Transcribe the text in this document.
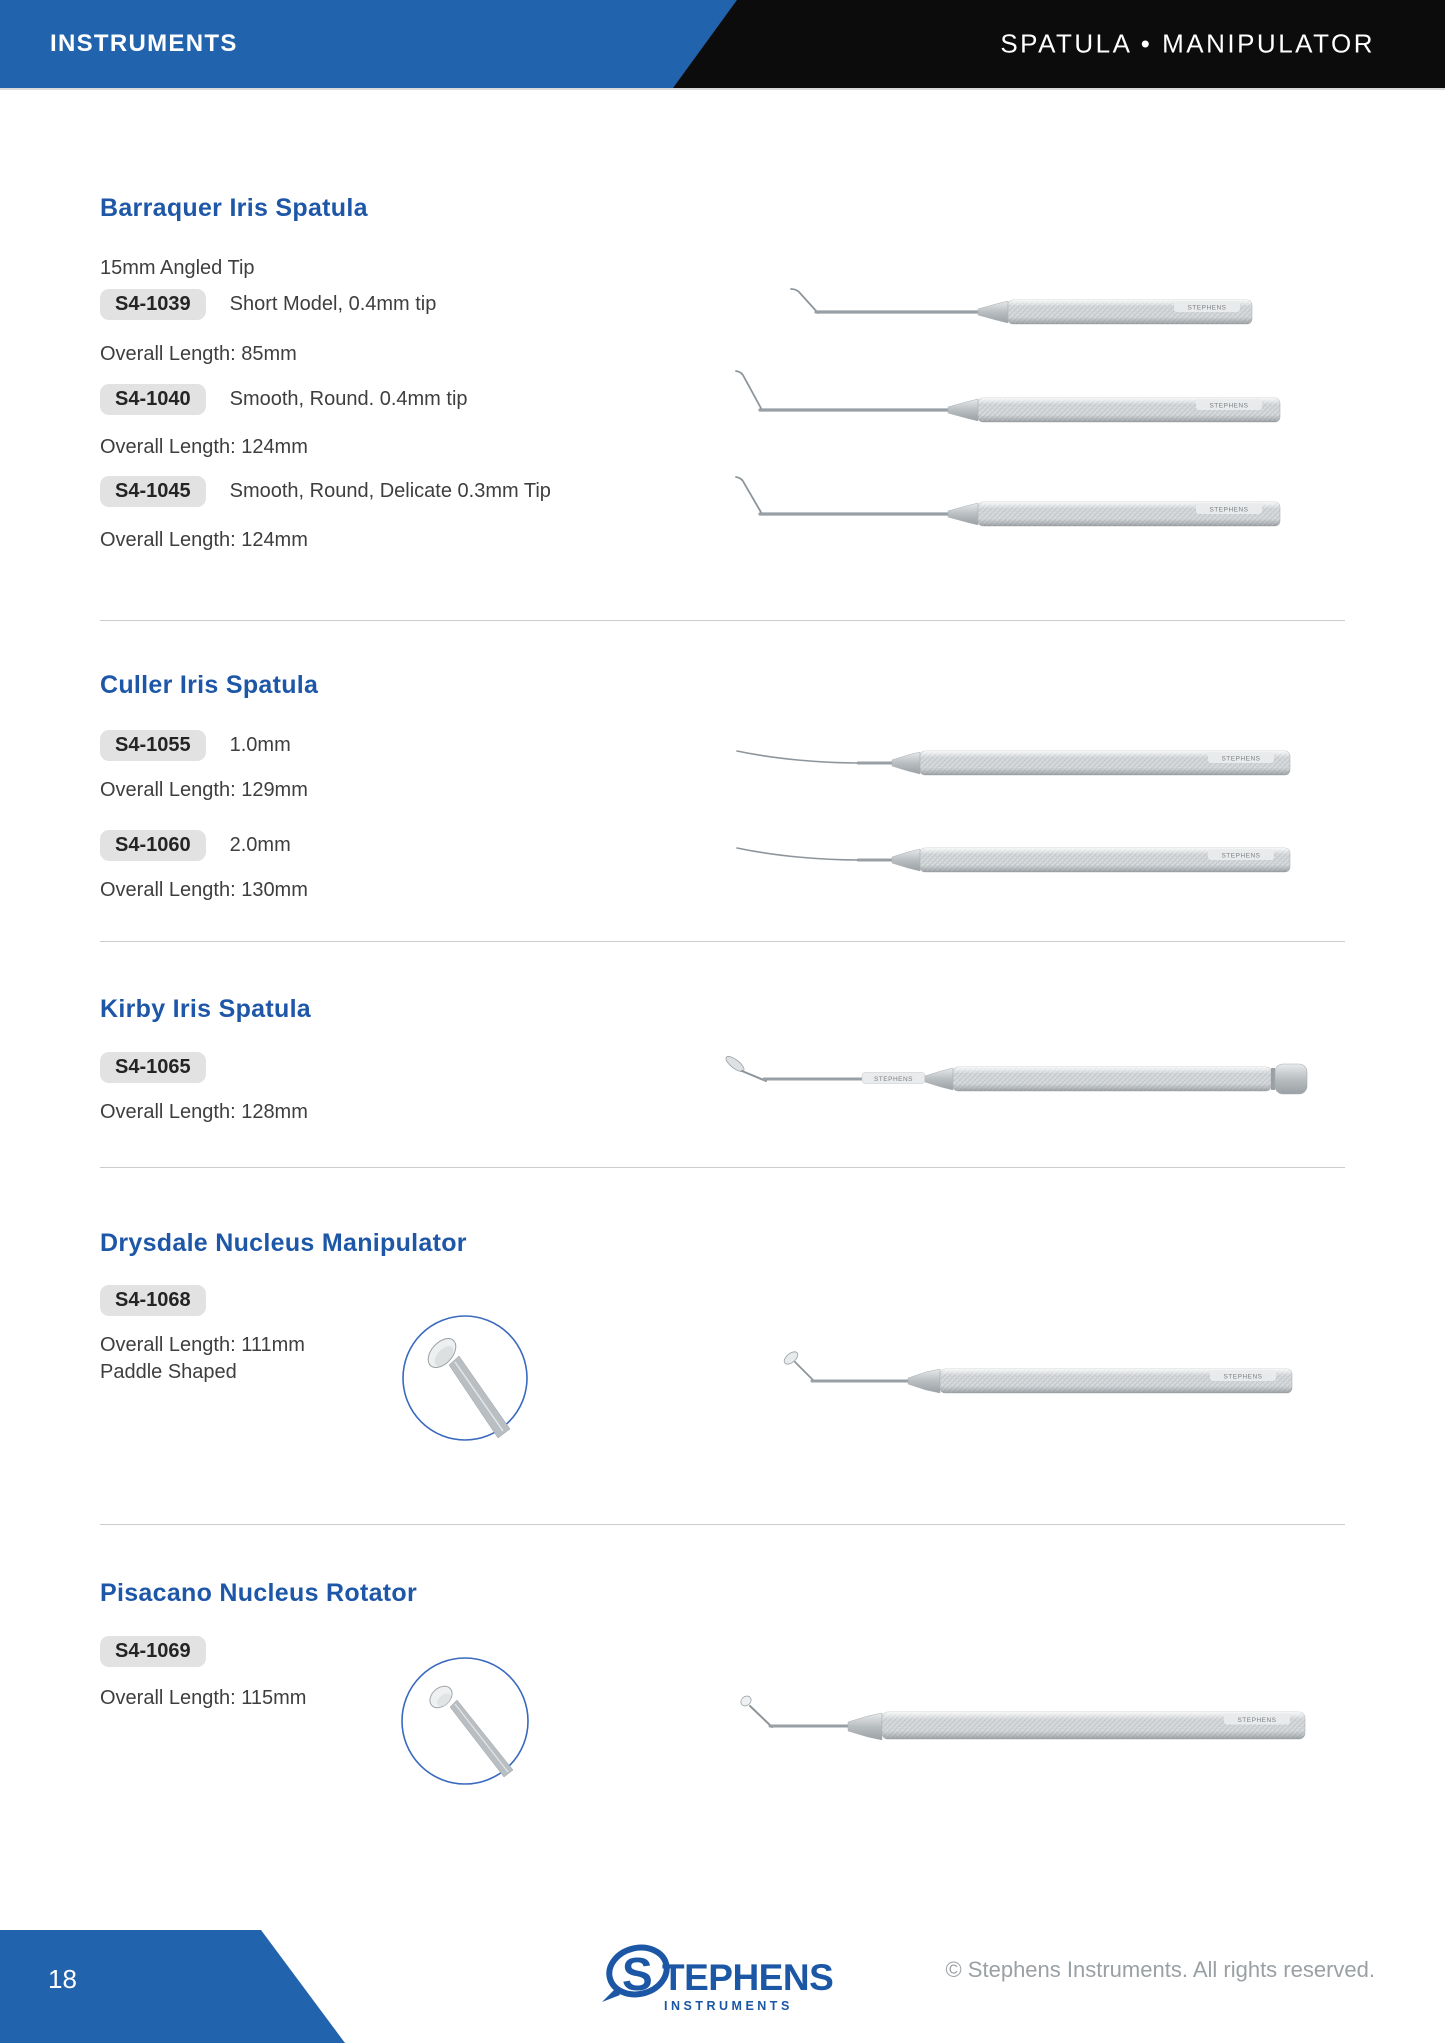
INSTRUMENTS	SPATULA • MANIPULATOR
STEPHENS
STEPHENS
STEPHENS
STEPHENS
STEPHENS
STEPHENS
STEPHENS
STEPHENS
Barraquer Iris Spatula
15mm Angled Tip
S4-1039	Short Model, 0.4mm tip
Overall Length: 85mm
S4-1040	Smooth, Round. 0.4mm tip
Overall Length: 124mm
S4-1045	Smooth, Round, Delicate 0.3mm Tip
Overall Length: 124mm
Culler Iris Spatula
S4-1055	1.0mm
Overall Length: 129mm
S4-1060	2.0mm
Overall Length: 130mm
Kirby Iris Spatula
S4-1065
Overall Length: 128mm
Drysdale Nucleus Manipulator
S4-1068
Overall Length: 111mm
Paddle Shaped
Pisacano Nucleus Rotator
S4-1069
Overall Length: 115mm
18	S TEPHENS
INSTRUMENTS
© Stephens Instruments. All rights reserved.
